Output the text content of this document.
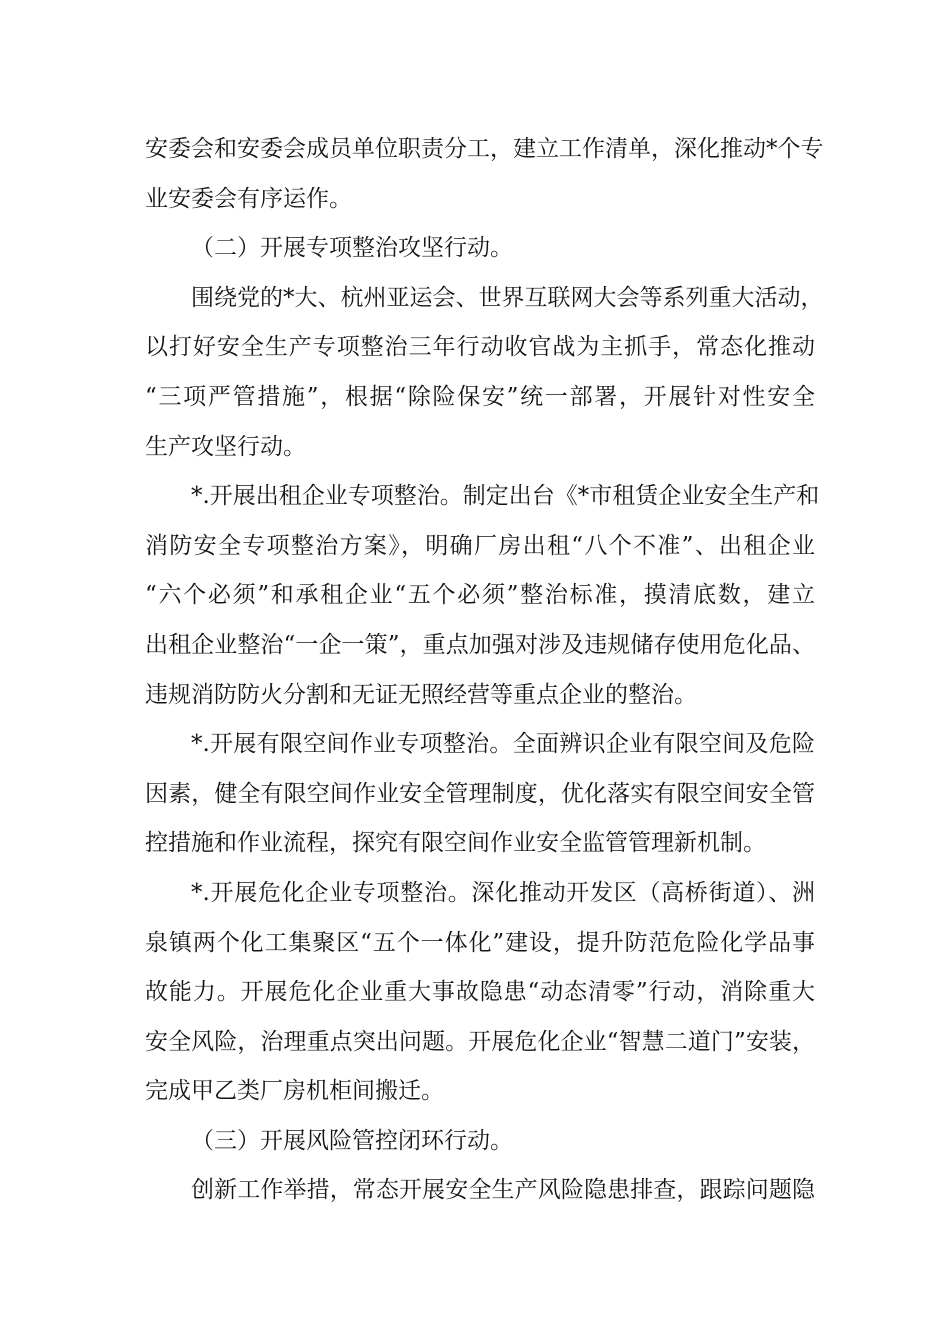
安委会和安委会成员单位职责分工，建立工作清单，深化推动*个专
业安委会有序运作。
（二）开展专项整治攻坚行动。
围绕党的*大、杭州亚运会、世界互联网大会等系列重大活动，
以打好安全生产专项整治三年行动收官战为主抓手，常态化推动
“三项严管措施”，根据“除险保安”统一部署，开展针对性安全
生产攻坚行动。
*.开展出租企业专项整治。制定出台《*市租赁企业安全生产和
消防安全专项整治方案》，明确厂房出租“八个不准”、出租企业
“六个必须”和承租企业“五个必须”整治标准，摸清底数，建立
出租企业整治“一企一策”，重点加强对涉及违规储存使用危化品、
违规消防防火分割和无证无照经营等重点企业的整治。
*.开展有限空间作业专项整治。全面辨识企业有限空间及危险
因素，健全有限空间作业安全管理制度，优化落实有限空间安全管
控措施和作业流程，探究有限空间作业安全监管管理新机制。
*.开展危化企业专项整治。深化推动开发区（高桥街道）、洲
泉镇两个化工集聚区“五个一体化”建设，提升防范危险化学品事
故能力。开展危化企业重大事故隐患“动态清零”行动，消除重大
安全风险，治理重点突出问题。开展危化企业“智慧二道门”安装，
完成甲乙类厂房机柜间搬迁。
（三）开展风险管控闭环行动。
创新工作举措，常态开展安全生产风险隐患排查，跟踪问题隐
